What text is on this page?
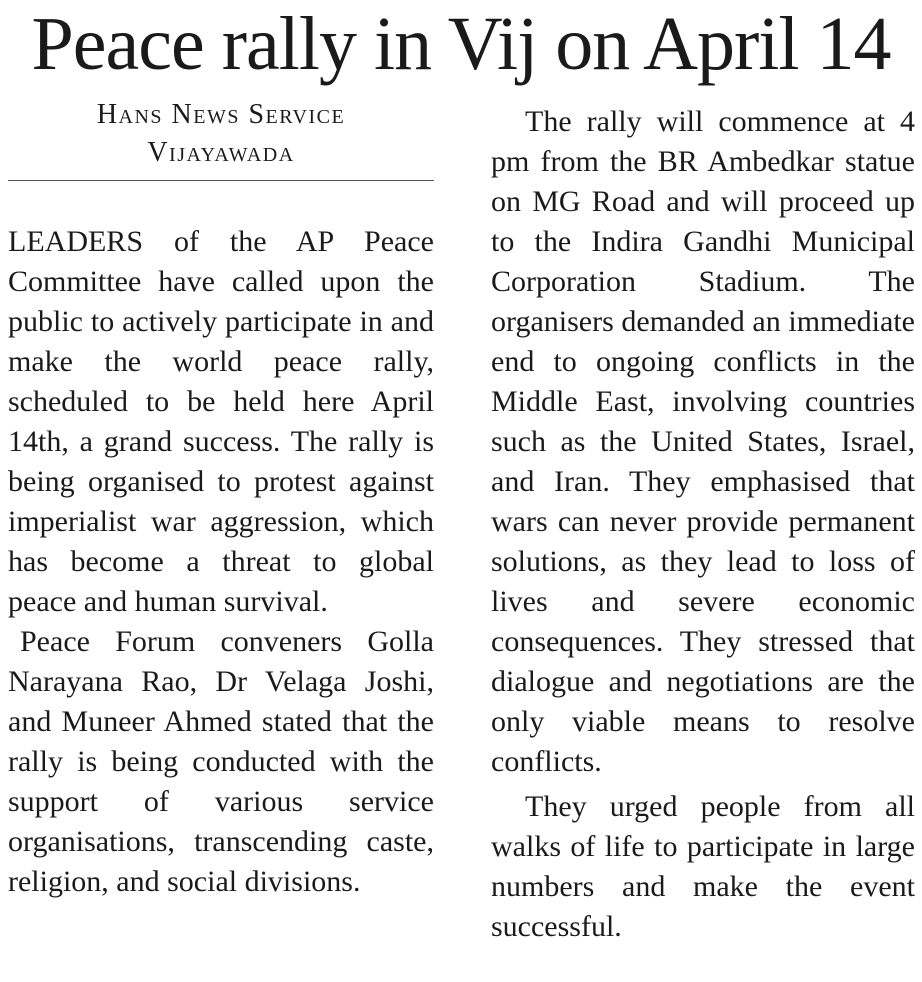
Peace rally in Vij on April 14
Hans News Service
Vijayawada

LEADERS of the AP Peace Committee have called upon the public to actively participate in and make the world peace rally, scheduled to be held here April 14th, a grand success. The rally is being organised to protest against imperialist war aggression, which has become a threat to global peace and human survival.

Peace Forum conveners Golla Narayana Rao, Dr Velaga Joshi, and Muneer Ahmed stated that the rally is being conducted with the support of various service organisations, transcending caste, religion, and social divisions.

The rally will commence at 4 pm from the BR Ambedkar statue on MG Road and will proceed up to the Indira Gandhi Municipal Corporation Stadium. The organisers demanded an immediate end to ongoing conflicts in the Middle East, involving countries such as the United States, Israel, and Iran. They emphasised that wars can never provide permanent solutions, as they lead to loss of lives and severe economic consequences. They stressed that dialogue and negotiations are the only viable means to resolve conflicts.

They urged people from all walks of life to participate in large numbers and make the event successful.
